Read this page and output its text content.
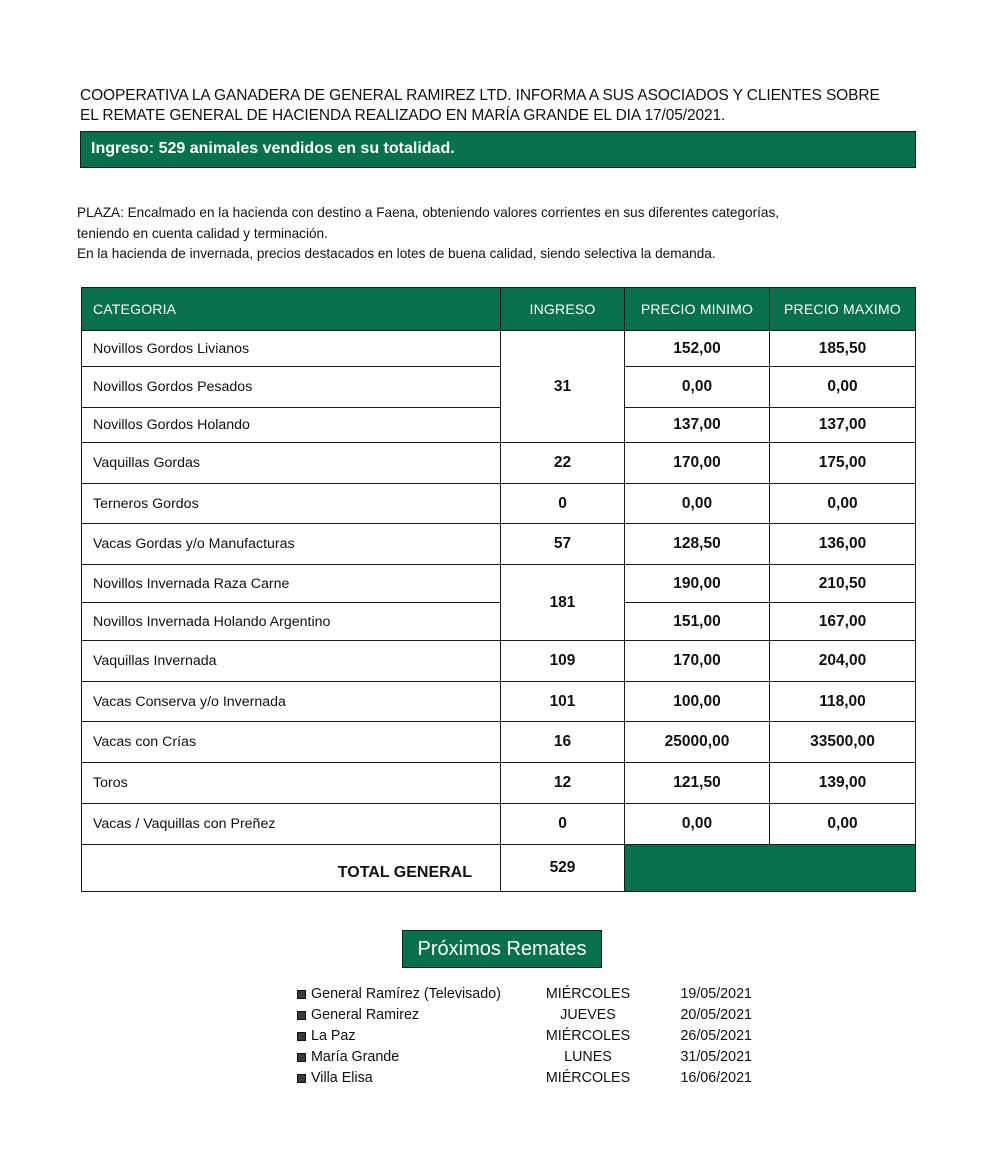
COOPERATIVA LA GANADERA DE GENERAL RAMIREZ LTD. INFORMA A SUS ASOCIADOS Y CLIENTES SOBRE
EL REMATE GENERAL DE HACIENDA REALIZADO EN MARÍA GRANDE EL DIA 17/05/2021.
Ingreso: 529 animales vendidos en su totalidad.
PLAZA: Encalmado en la hacienda con destino a Faena, obteniendo valores corrientes en sus diferentes categorías,
teniendo en cuenta calidad y terminación.
En la hacienda de invernada, precios destacados en lotes de buena calidad, siendo selectiva la demanda.
CATEGORIA	INGRESO	PRECIO MINIMO	PRECIO MAXIMO
Novillos Gordos Livianos	31	152,00	185,50
Novillos Gordos Pesados		0,00	0,00
Novillos Gordos Holando		137,00	137,00
Vaquillas Gordas	22	170,00	175,00
Terneros Gordos	0	0,00	0,00
Vacas Gordas y/o Manufacturas	57	128,50	136,00
Novillos Invernada Raza Carne	181	190,00	210,50
Novillos Invernada Holando Argentino		151,00	167,00
Vaquillas Invernada	109	170,00	204,00
Vacas Conserva y/o Invernada	101	100,00	118,00
Vacas con Crías	16	25000,00	33500,00
Toros	12	121,50	139,00
Vacas / Vaquillas con Preñez	0	0,00	0,00
TOTAL GENERAL	529		
Próximos Remates
General Ramírez (Televisado)	MIÉRCOLES	19/05/2021
General Ramirez	JUEVES	20/05/2021
La Paz	MIÉRCOLES	26/05/2021
María Grande	LUNES	31/05/2021
Villa Elisa	MIÉRCOLES	16/06/2021
